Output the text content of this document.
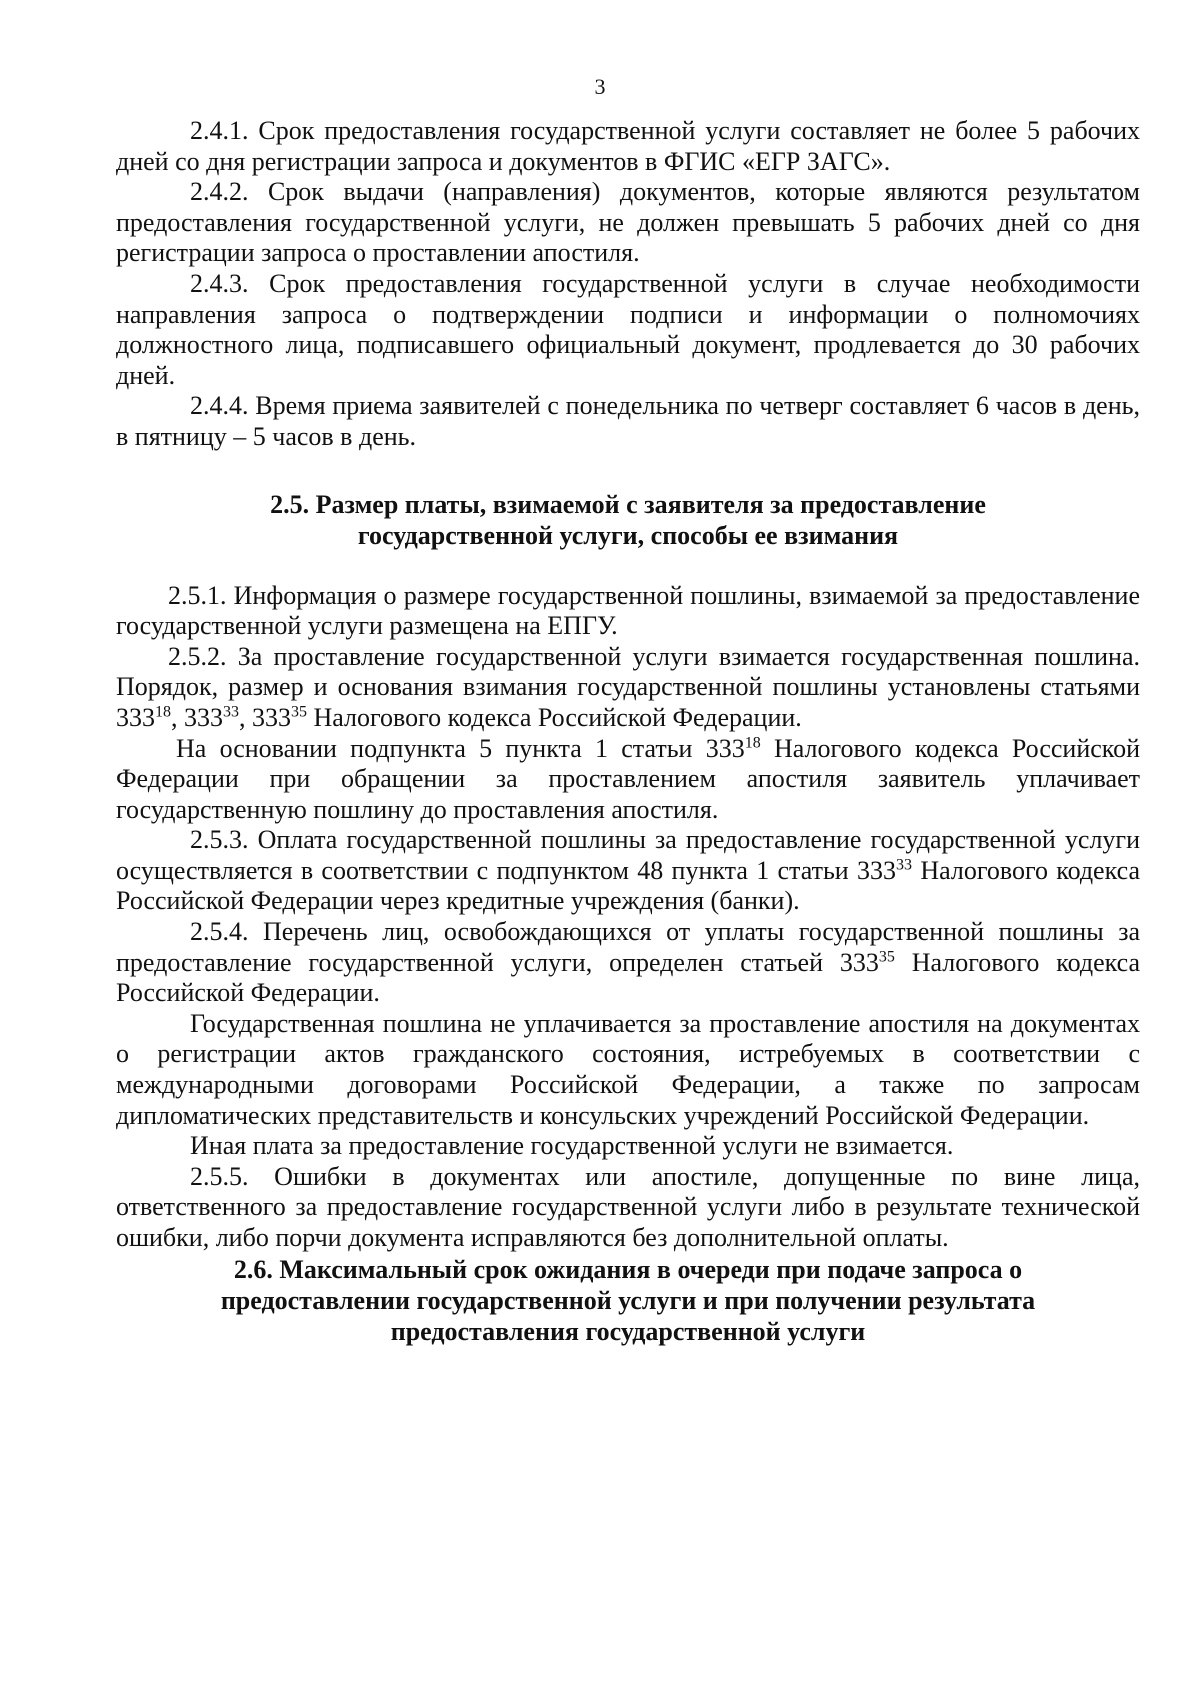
3

2.4.1. Срок предоставления государственной услуги составляет не более 5 рабочих дней со дня регистрации запроса и документов в ФГИС «ЕГР ЗАГС».

2.4.2. Срок выдачи (направления) документов, которые являются результатом предоставления государственной услуги, не должен превышать 5 рабочих дней со дня регистрации запроса о проставлении апостиля.

2.4.3. Срок предоставления государственной услуги в случае необходимости направления запроса о подтверждении подписи и информации о полномочиях должностного лица, подписавшего официальный документ, продлевается до 30 рабочих дней.

2.4.4. Время приема заявителей с понедельника по четверг составляет 6 часов в день, в пятницу – 5 часов в день.

2.5. Размер платы, взимаемой с заявителя за предоставление
государственной услуги, способы ее взимания

2.5.1. Информация о размере государственной пошлины, взимаемой за предоставление государственной услуги размещена на ЕПГУ.

2.5.2. За проставление государственной услуги взимается государственная пошлина. Порядок, размер и основания взимания государственной пошлины установлены статьями $333^{18}$, $333^{33}$, $333^{35}$ Налогового кодекса Российской Федерации.

На основании подпункта 5 пункта 1 статьи $333^{18}$ Налогового кодекса Российской Федерации при обращении за проставлением апостиля заявитель уплачивает государственную пошлину до проставления апостиля.

2.5.3. Оплата государственной пошлины за предоставление государственной услуги осуществляется в соответствии с подпунктом 48 пункта 1 статьи $333^{33}$ Налогового кодекса Российской Федерации через кредитные учреждения (банки).

2.5.4. Перечень лиц, освобождающихся от уплаты государственной пошлины за предоставление государственной услуги, определен статьей $333^{35}$ Налогового кодекса Российской Федерации.

Государственная пошлина не уплачивается за проставление апостиля на документах о регистрации актов гражданского состояния, истребуемых в соответствии с международными договорами Российской Федерации, а также по запросам дипломатических представительств и консульских учреждений Российской Федерации.

Иная плата за предоставление государственной услуги не взимается.

2.5.5. Ошибки в документах или апостиле, допущенные по вине лица, ответственного за предоставление государственной услуги либо в результате технической ошибки, либо порчи документа исправляются без дополнительной оплаты.

2.6. Максимальный срок ожидания в очереди при подаче запроса о
предоставлении государственной услуги и при получении результата
предоставления государственной услуги
